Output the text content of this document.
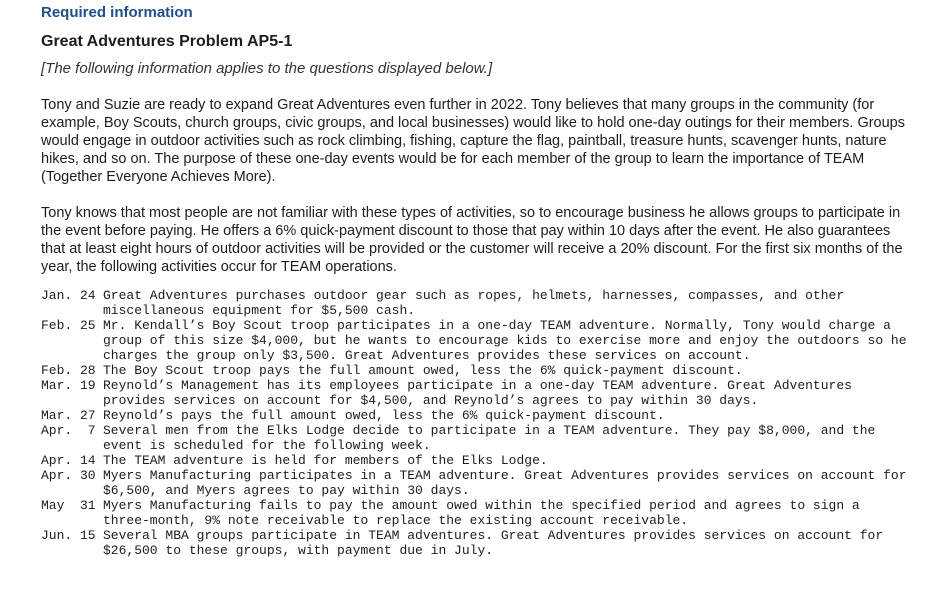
Required information

Great Adventures Problem AP5-1

[The following information applies to the questions displayed below.]

Tony and Suzie are ready to expand Great Adventures even further in 2022. Tony believes that many groups in the community (for example, Boy Scouts, church groups, civic groups, and local businesses) would like to hold one-day outings for their members. Groups would engage in outdoor activities such as rock climbing, fishing, capture the flag, paintball, treasure hunts, scavenger hunts, nature hikes, and so on. The purpose of these one-day events would be for each member of the group to learn the importance of TEAM (Together Everyone Achieves More).

Tony knows that most people are not familiar with these types of activities, so to encourage business he allows groups to participate in the event before paying. He offers a 6% quick-payment discount to those that pay within 10 days after the event. He also guarantees that at least eight hours of outdoor activities will be provided or the customer will receive a 20% discount. For the first six months of the year, the following activities occur for TEAM operations.

Jan. 24 Great Adventures purchases outdoor gear such as ropes, helmets, harnesses, compasses, and other miscellaneous equipment for $5,500 cash.
Feb. 25 Mr. Kendall’s Boy Scout troop participates in a one-day TEAM adventure. Normally, Tony would charge a group of this size $4,000, but he wants to encourage kids to exercise more and enjoy the outdoors so he charges the group only $3,500. Great Adventures provides these services on account.
Feb. 28 The Boy Scout troop pays the full amount owed, less the 6% quick-payment discount.
Mar. 19 Reynold’s Management has its employees participate in a one-day TEAM adventure. Great Adventures provides services on account for $4,500, and Reynold’s agrees to pay within 30 days.
Mar. 27 Reynold’s pays the full amount owed, less the 6% quick-payment discount.
Apr.  7 Several men from the Elks Lodge decide to participate in a TEAM adventure. They pay $8,000, and the event is scheduled for the following week.
Apr. 14 The TEAM adventure is held for members of the Elks Lodge.
Apr. 30 Myers Manufacturing participates in a TEAM adventure. Great Adventures provides services on account for $6,500, and Myers agrees to pay within 30 days.
May  31 Myers Manufacturing fails to pay the amount owed within the specified period and agrees to sign a three-month, 9% note receivable to replace the existing account receivable.
Jun. 15 Several MBA groups participate in TEAM adventures. Great Adventures provides services on account for $26,500 to these groups, with payment due in July.
